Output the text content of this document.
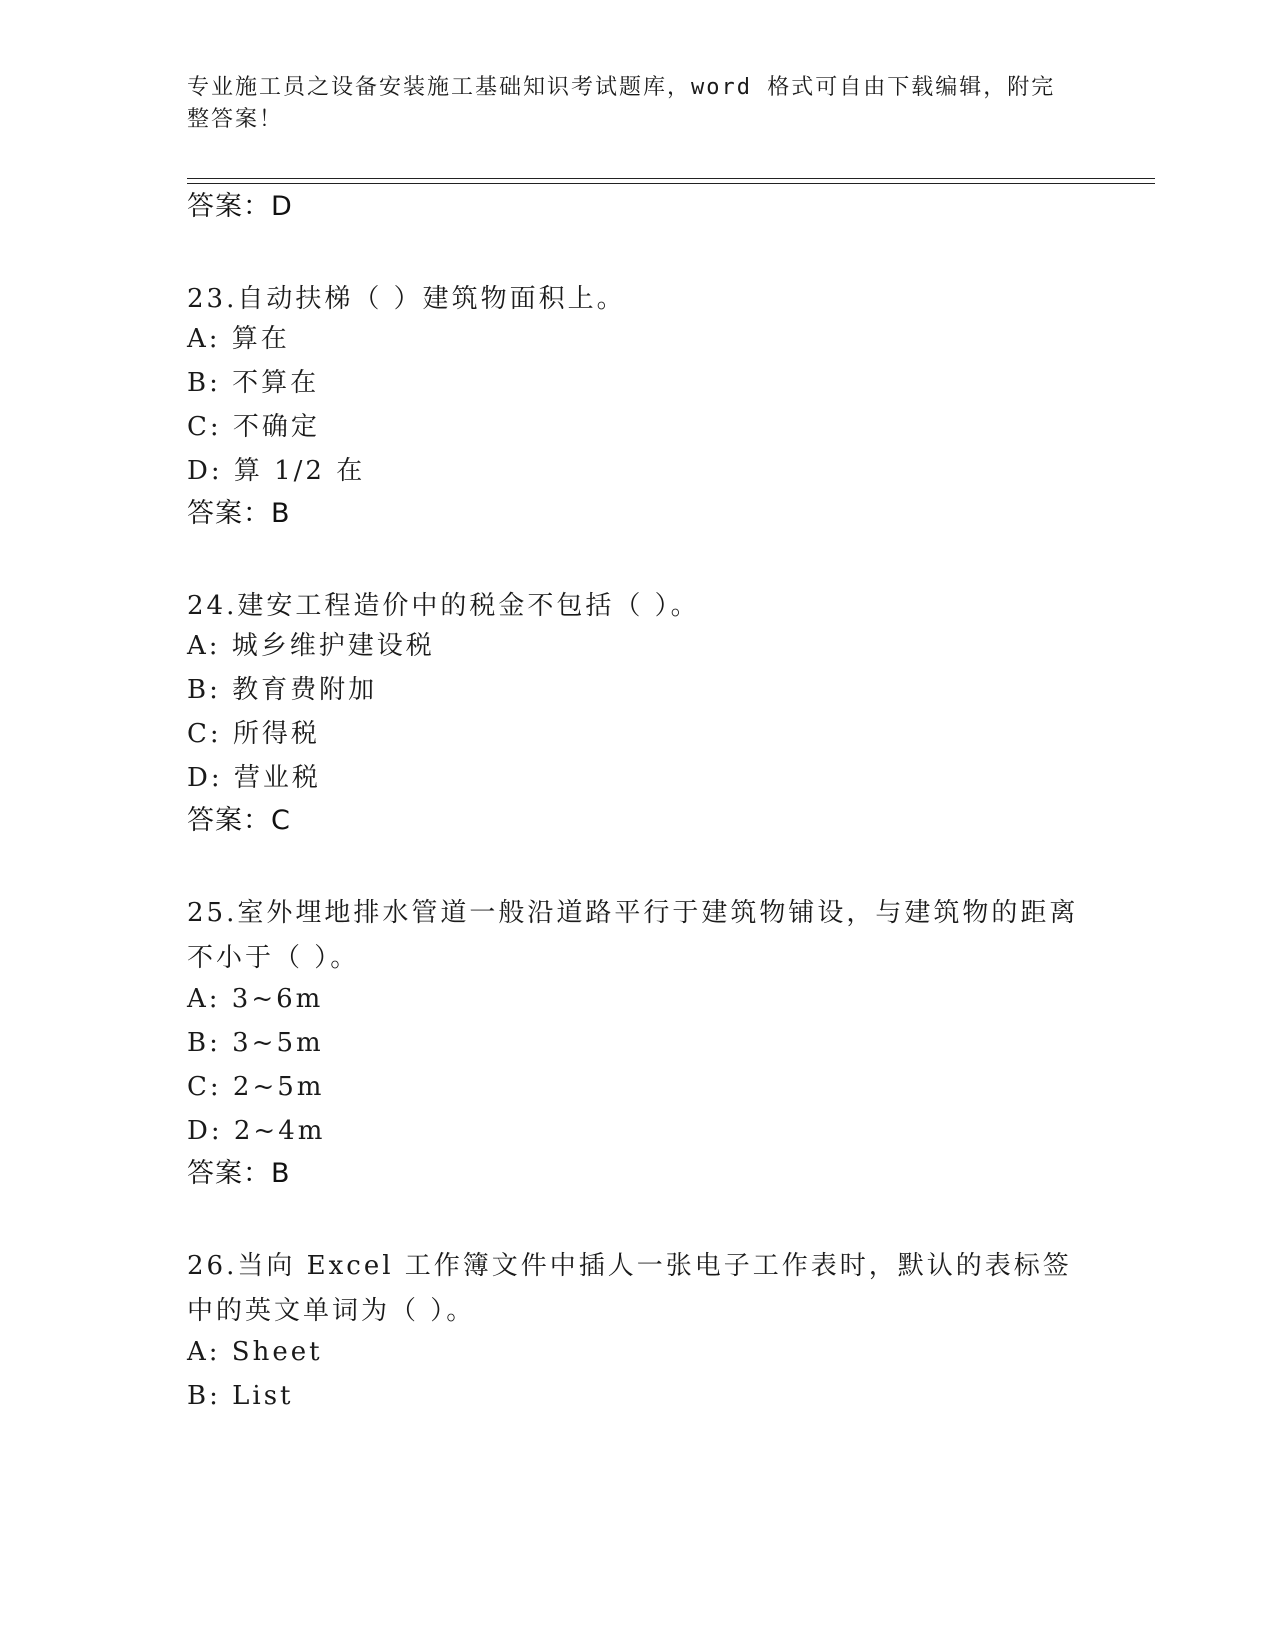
专业施工员之设备安装施工基础知识考试题库，word 格式可自由下载编辑，附完整答案！
答案：D
23.自动扶梯（ ）建筑物面积上。
A: 算在
B: 不算在
C: 不确定
D: 算 1/2 在
答案：B
24.建安工程造价中的税金不包括（ ）。
A: 城乡维护建设税
B: 教育费附加
C: 所得税
D: 营业税
答案：C
25.室外埋地排水管道一般沿道路平行于建筑物铺设，与建筑物的距离不小于（ ）。
A: 3~6m
B: 3~5m
C: 2~5m
D: 2~4m
答案：B
26.当向 Excel 工作簿文件中插人一张电子工作表时，默认的表标签中的英文单词为（ ）。
A: Sheet
B: List
